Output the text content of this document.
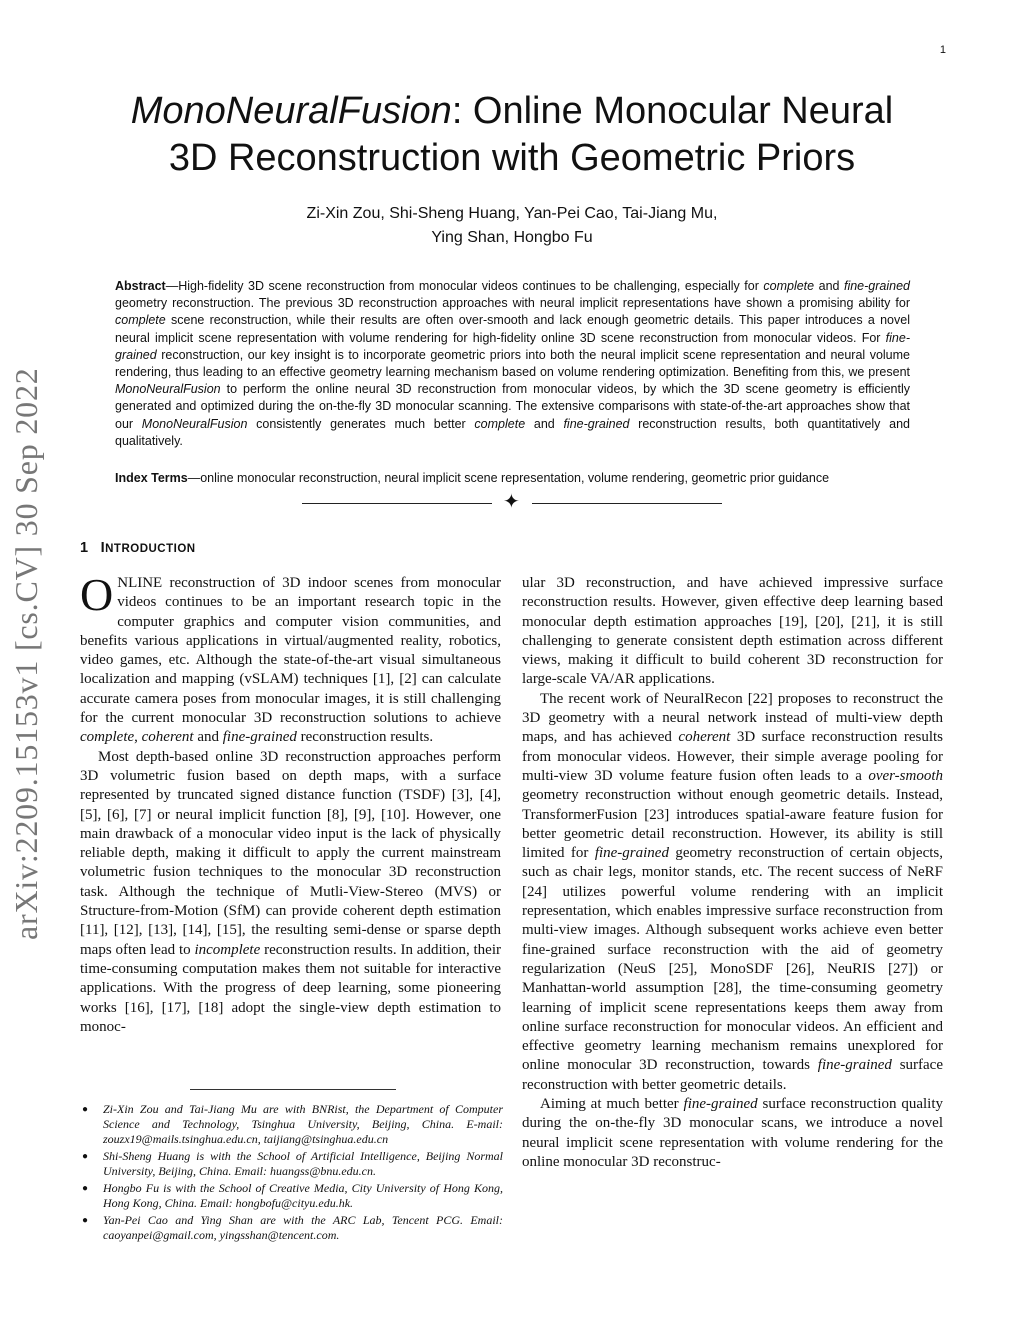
1
arXiv:2209.15153v1 [cs.CV] 30 Sep 2022
MonoNeuralFusion: Online Monocular Neural
3D Reconstruction with Geometric Priors
Zi-Xin Zou, Shi-Sheng Huang, Yan-Pei Cao, Tai-Jiang Mu,
Ying Shan, Hongbo Fu
Abstract—High-fidelity 3D scene reconstruction from monocular videos continues to be challenging, especially for complete and fine-grained geometry reconstruction. The previous 3D reconstruction approaches with neural implicit representations have shown a promising ability for complete scene reconstruction, while their results are often over-smooth and lack enough geometric details. This paper introduces a novel neural implicit scene representation with volume rendering for high-fidelity online 3D scene reconstruction from monocular videos. For fine-grained reconstruction, our key insight is to incorporate geometric priors into both the neural implicit scene representation and neural volume rendering, thus leading to an effective geometry learning mechanism based on volume rendering optimization. Benefiting from this, we present MonoNeuralFusion to perform the online neural 3D reconstruction from monocular videos, by which the 3D scene geometry is efficiently generated and optimized during the on-the-fly 3D monocular scanning. The extensive comparisons with state-of-the-art approaches show that our MonoNeuralFusion consistently generates much better complete and fine-grained reconstruction results, both quantitatively and qualitatively.
Index Terms—online monocular reconstruction, neural implicit scene representation, volume rendering, geometric prior guidance
✦
1 INTRODUCTION

ONLINE reconstruction of 3D indoor scenes from monocular videos continues to be an important research topic in the computer graphics and computer vision communities, and benefits various applications in virtual/augmented reality, robotics, video games, etc. Although the state-of-the-art visual simultaneous localization and mapping (vSLAM) techniques [1], [2] can calculate accurate camera poses from monocular images, it is still challenging for the current monocular 3D reconstruction solutions to achieve complete, coherent and fine-grained reconstruction results.

Most depth-based online 3D reconstruction approaches perform 3D volumetric fusion based on depth maps, with a surface represented by truncated signed distance function (TSDF) [3], [4], [5], [6], [7] or neural implicit function [8], [9], [10]. However, one main drawback of a monocular video input is the lack of physically reliable depth, making it difficult to apply the current mainstream volumetric fusion techniques to the monocular 3D reconstruction task. Although the technique of Mutli-View-Stereo (MVS) or Structure-from-Motion (SfM) can provide coherent depth estimation [11], [12], [13], [14], [15], the resulting semi-dense or sparse depth maps often lead to incomplete reconstruction results. In addition, their time-consuming computation makes them not suitable for interactive applications. With the progress of deep learning, some pioneering works [16], [17], [18] adopt the single-view depth estimation to monoc-

ular 3D reconstruction, and have achieved impressive surface reconstruction results. However, given effective deep learning based monocular depth estimation approaches [19], [20], [21], it is still challenging to generate consistent depth estimation across different views, making it difficult to build coherent 3D reconstruction for large-scale VA/AR applications.

The recent work of NeuralRecon [22] proposes to reconstruct the 3D geometry with a neural network instead of multi-view depth maps, and has achieved coherent 3D surface reconstruction results from monocular videos. However, their simple average pooling for multi-view 3D volume feature fusion often leads to a over-smooth geometry reconstruction without enough geometric details. Instead, TransformerFusion [23] introduces spatial-aware feature fusion for better geometric detail reconstruction. However, its ability is still limited for fine-grained geometry reconstruction of certain objects, such as chair legs, monitor stands, etc. The recent success of NeRF [24] utilizes powerful volume rendering with an implicit representation, which enables impressive surface reconstruction from multi-view images. Although subsequent works achieve even better fine-grained surface reconstruction with the aid of geometry regularization (NeuS [25], MonoSDF [26], NeuRIS [27]) or Manhattan-world assumption [28], the time-consuming geometry learning of implicit scene representations keeps them away from online surface reconstruction for monocular videos. An efficient and effective geometry learning mechanism remains unexplored for online monocular 3D reconstruction, towards fine-grained surface reconstruction with better geometric details.

Aiming at much better fine-grained surface reconstruction quality during the on-the-fly 3D monocular scans, we introduce a novel neural implicit scene representation with volume rendering for the online monocular 3D reconstruc-

● Zi-Xin Zou and Tai-Jiang Mu are with BNRist, the Department of Computer Science and Technology, Tsinghua University, Beijing, China. E-mail: zouzx19@mails.tsinghua.edu.cn, taijiang@tsinghua.edu.cn
● Shi-Sheng Huang is with the School of Artificial Intelligence, Beijing Normal University, Beijing, China. Email: huangss@bnu.edu.cn.
● Hongbo Fu is with the School of Creative Media, City University of Hong Kong, Hong Kong, China. Email: hongbofu@cityu.edu.hk.
● Yan-Pei Cao and Ying Shan are with the ARC Lab, Tencent PCG. Email: caoyanpei@gmail.com, yingsshan@tencent.com.
